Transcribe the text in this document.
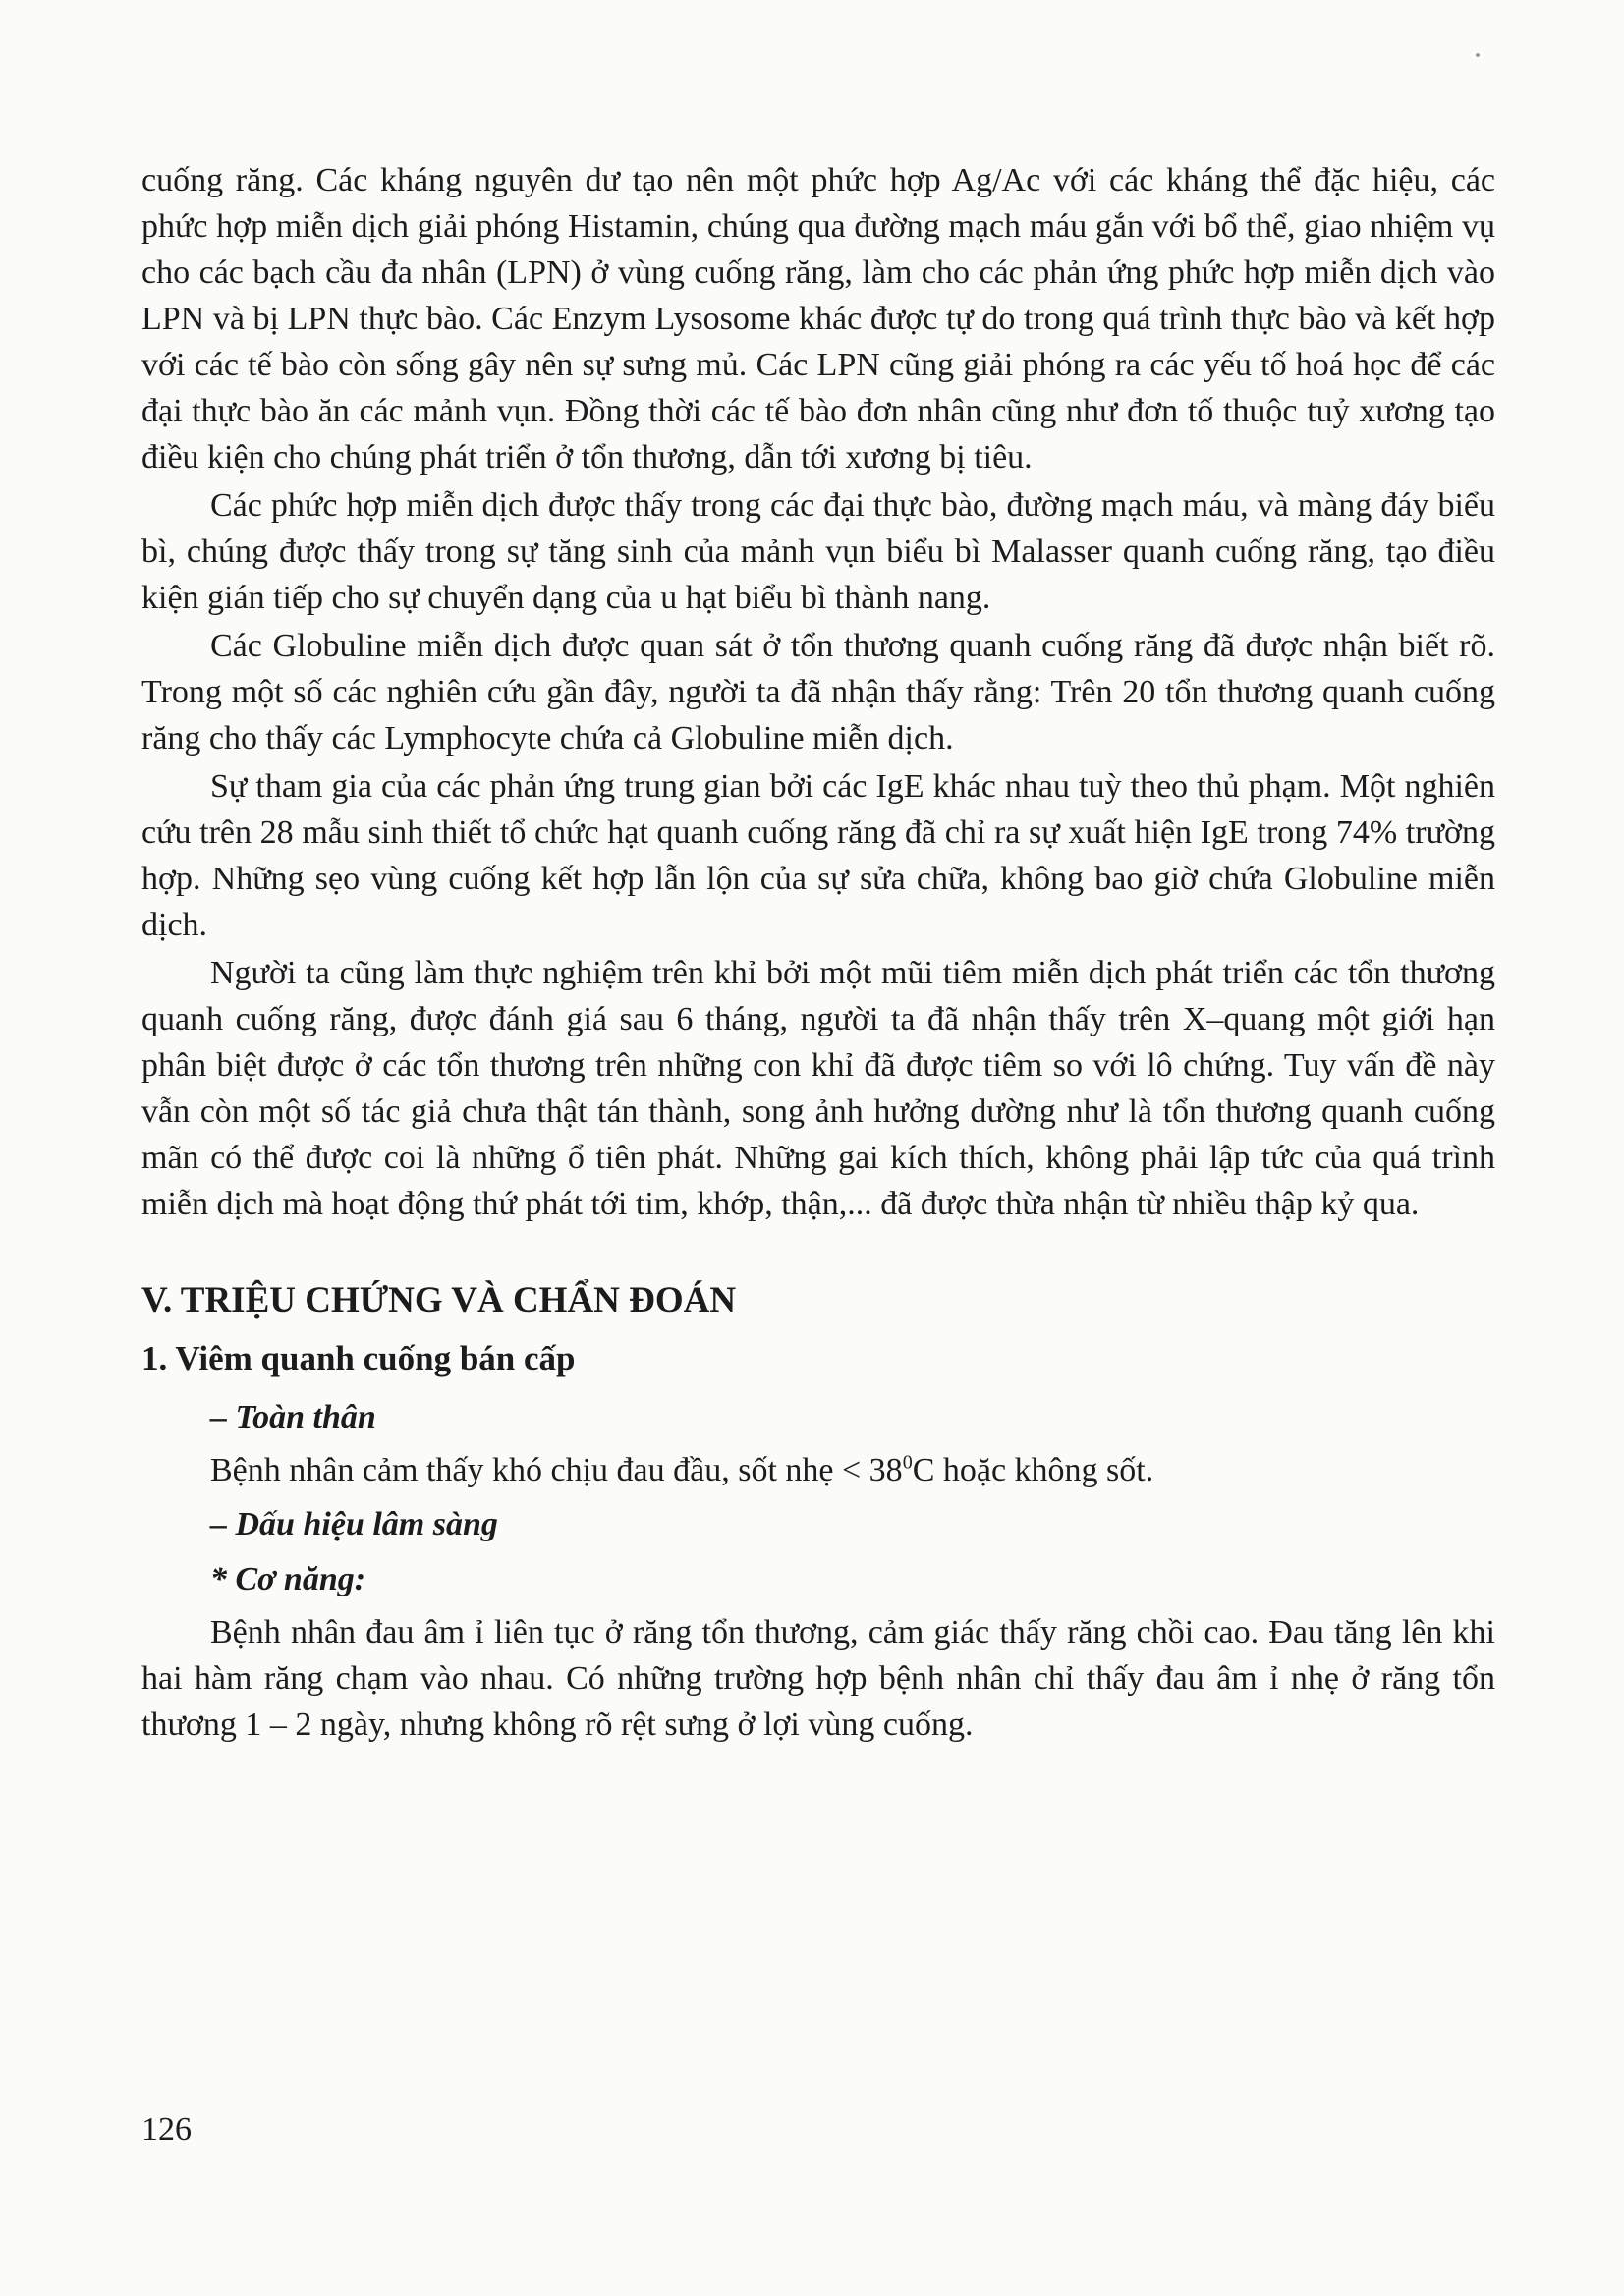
cuống răng. Các kháng nguyên dư tạo nên một phức hợp Ag/Ac với các kháng thể đặc hiệu, các phức hợp miễn dịch giải phóng Histamin, chúng qua đường mạch máu gắn với bổ thể, giao nhiệm vụ cho các bạch cầu đa nhân (LPN) ở vùng cuống răng, làm cho các phản ứng phức hợp miễn dịch vào LPN và bị LPN thực bào. Các Enzym Lysosome khác được tự do trong quá trình thực bào và kết hợp với các tế bào còn sống gây nên sự sưng mủ. Các LPN cũng giải phóng ra các yếu tố hoá học để các đại thực bào ăn các mảnh vụn. Đồng thời các tế bào đơn nhân cũng như đơn tố thuộc tuỷ xương tạo điều kiện cho chúng phát triển ở tổn thương, dẫn tới xương bị tiêu.

Các phức hợp miễn dịch được thấy trong các đại thực bào, đường mạch máu, và màng đáy biểu bì, chúng được thấy trong sự tăng sinh của mảnh vụn biểu bì Malasser quanh cuống răng, tạo điều kiện gián tiếp cho sự chuyển dạng của u hạt biểu bì thành nang.

Các Globuline miễn dịch được quan sát ở tổn thương quanh cuống răng đã được nhận biết rõ. Trong một số các nghiên cứu gần đây, người ta đã nhận thấy rằng: Trên 20 tổn thương quanh cuống răng cho thấy các Lymphocyte chứa cả Globuline miễn dịch.

Sự tham gia của các phản ứng trung gian bởi các IgE khác nhau tuỳ theo thủ phạm. Một nghiên cứu trên 28 mẫu sinh thiết tổ chức hạt quanh cuống răng đã chỉ ra sự xuất hiện IgE trong 74% trường hợp. Những sẹo vùng cuống kết hợp lẫn lộn của sự sửa chữa, không bao giờ chứa Globuline miễn dịch.

Người ta cũng làm thực nghiệm trên khỉ bởi một mũi tiêm miễn dịch phát triển các tổn thương quanh cuống răng, được đánh giá sau 6 tháng, người ta đã nhận thấy trên X–quang một giới hạn phân biệt được ở các tổn thương trên những con khỉ đã được tiêm so với lô chứng. Tuy vấn đề này vẫn còn một số tác giả chưa thật tán thành, song ảnh hưởng dường như là tổn thương quanh cuống mãn có thể được coi là những ổ tiên phát. Những gai kích thích, không phải lập tức của quá trình miễn dịch mà hoạt động thứ phát tới tim, khớp, thận,... đã được thừa nhận từ nhiều thập kỷ qua.

V. TRIỆU CHỨNG VÀ CHẨN ĐOÁN
1. Viêm quanh cuống bán cấp
– Toàn thân

Bệnh nhân cảm thấy khó chịu đau đầu, sốt nhẹ < $38^0C$ hoặc không sốt.

– Dấu hiệu lâm sàng
* Cơ năng:

Bệnh nhân đau âm ỉ liên tục ở răng tổn thương, cảm giác thấy răng chồi cao. Đau tăng lên khi hai hàm răng chạm vào nhau. Có những trường hợp bệnh nhân chỉ thấy đau âm ỉ nhẹ ở răng tổn thương 1 – 2 ngày, nhưng không rõ rệt sưng ở lợi vùng cuống.

126
